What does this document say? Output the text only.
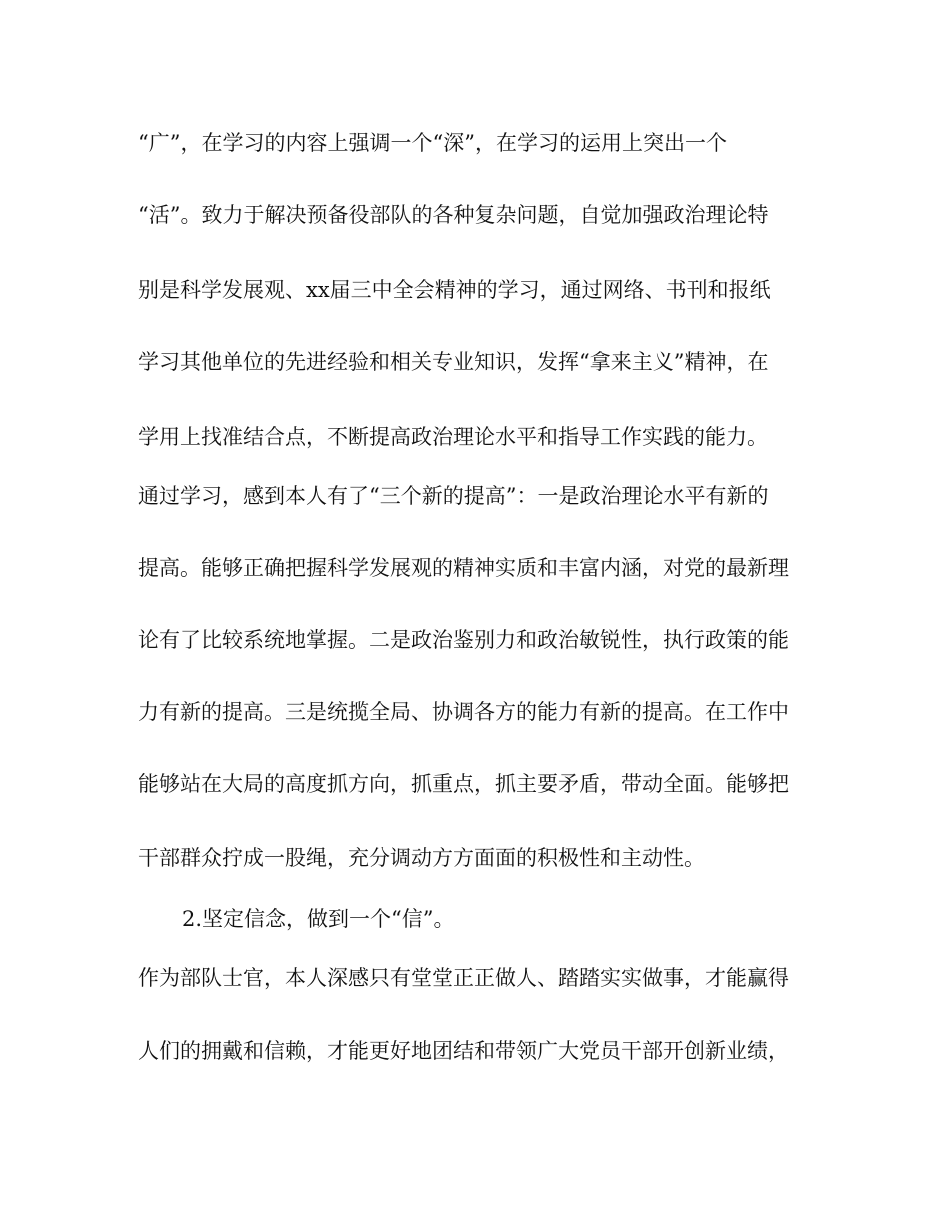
“广”，在学习的内容上强调一个“深”，在学习的运用上突出一个
“活”。致力于解决预备役部队的各种复杂问题，自觉加强政治理论特
别是科学发展观、xx届三中全会精神的学习，通过网络、书刊和报纸
学习其他单位的先进经验和相关专业知识，发挥“拿来主义”精神，在
学用上找准结合点，不断提高政治理论水平和指导工作实践的能力。
通过学习，感到本人有了“三个新的提高”：一是政治理论水平有新的
提高。能够正确把握科学发展观的精神实质和丰富内涵，对党的最新理
论有了比较系统地掌握。二是政治鉴别力和政治敏锐性，执行政策的能
力有新的提高。三是统揽全局、协调各方的能力有新的提高。在工作中
能够站在大局的高度抓方向，抓重点，抓主要矛盾，带动全面。能够把
干部群众拧成一股绳，充分调动方方面面的积极性和主动性。
2.坚定信念，做到一个“信”。
作为部队士官，本人深感只有堂堂正正做人、踏踏实实做事，才能赢得
人们的拥戴和信赖，才能更好地团结和带领广大党员干部开创新业绩，
